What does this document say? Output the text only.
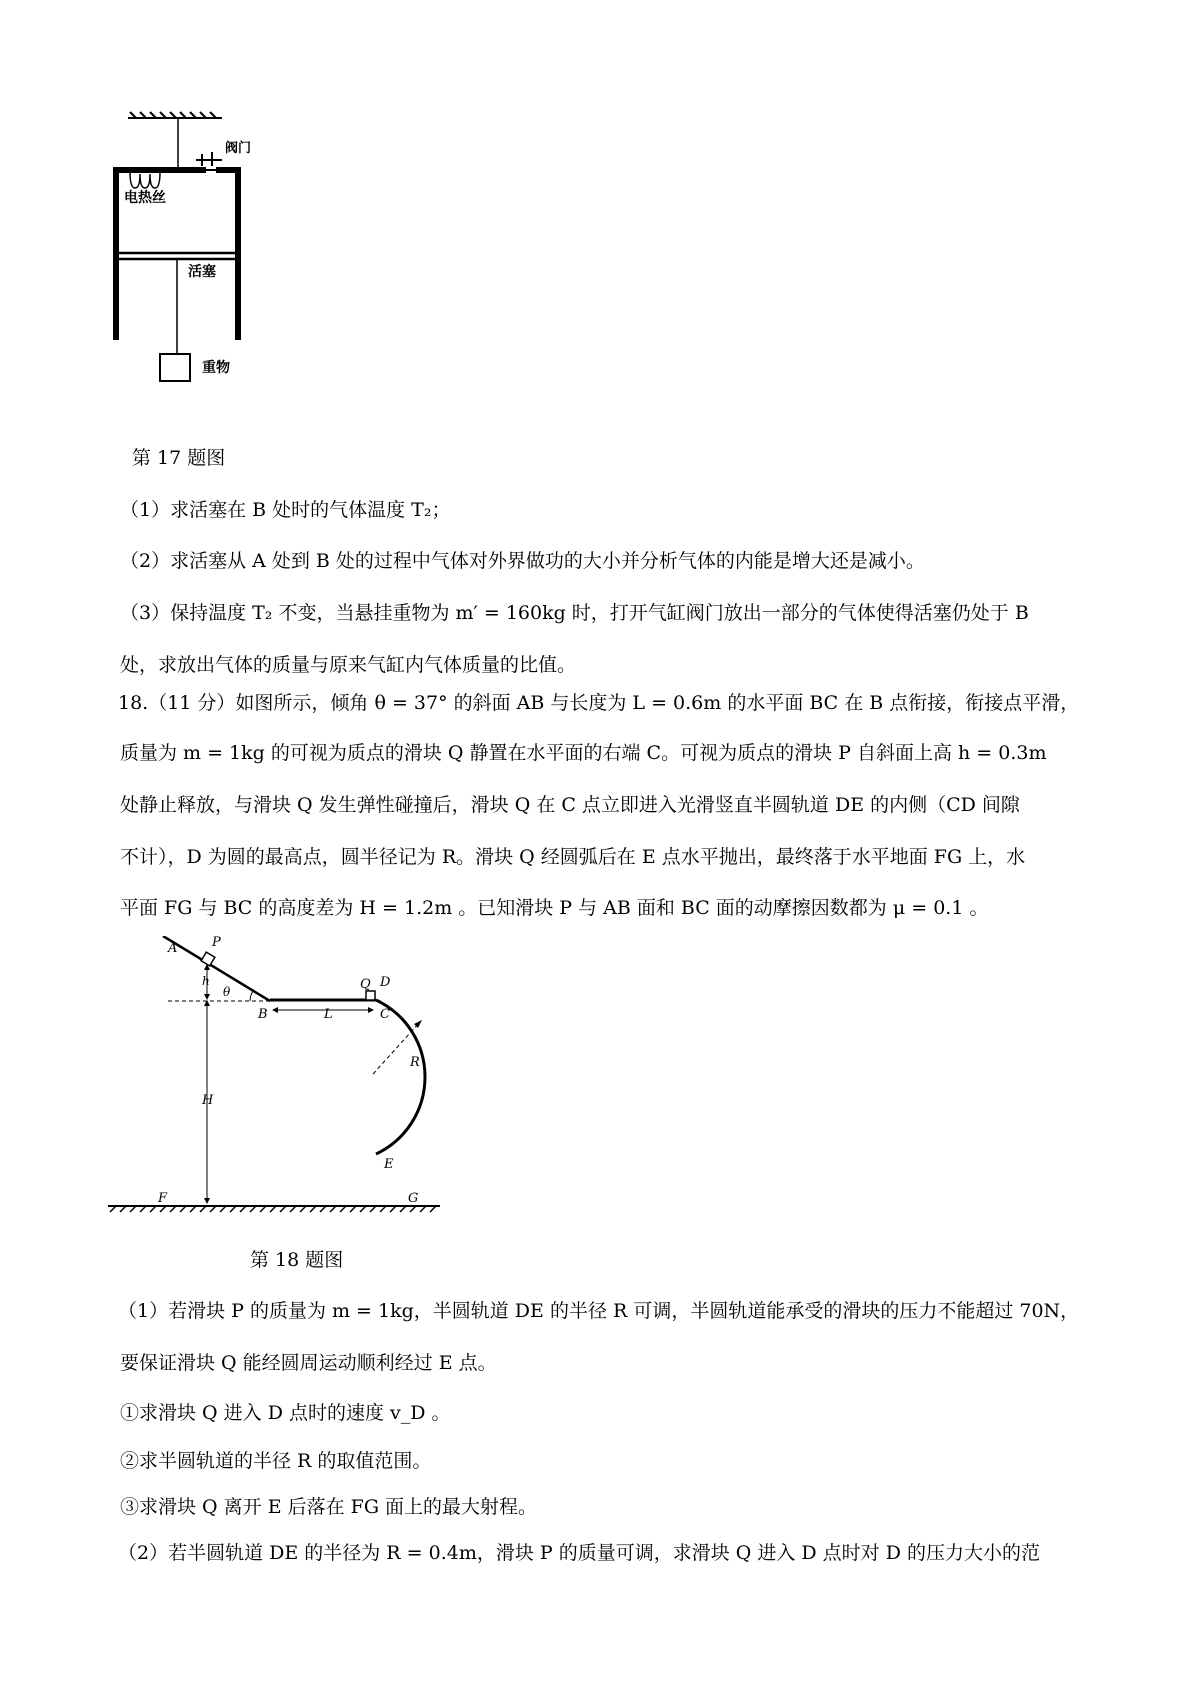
阀门
电热丝
活塞
重物
第 17 题图
（1）求活塞在 B 处时的气体温度 T₂；
（2）求活塞从 A 处到 B 处的过程中气体对外界做功的大小并分析气体的内能是增大还是减小。
（3）保持温度 T₂ 不变，当悬挂重物为 m′ = 160kg 时，打开气缸阀门放出一部分的气体使得活塞仍处于 B
处，求放出气体的质量与原来气缸内气体质量的比值。
18.（11 分）如图所示，倾角 θ = 37° 的斜面 AB 与长度为 L = 0.6m 的水平面 BC 在 B 点衔接，衔接点平滑，
质量为 m = 1kg 的可视为质点的滑块 Q 静置在水平面的右端 C。可视为质点的滑块 P 自斜面上高 h = 0.3m
处静止释放，与滑块 Q 发生弹性碰撞后，滑块 Q 在 C 点立即进入光滑竖直半圆轨道 DE 的内侧（CD 间隙
不计），D 为圆的最高点，圆半径记为 R。滑块 Q 经圆弧后在 E 点水平抛出，最终落于水平地面 FG 上，水
平面 FG 与 BC 的高度差为 H = 1.2m 。已知滑块 P 与 AB 面和 BC 面的动摩擦因数都为 μ = 0.1 。
A	P
h
θ
B	L
Q D
C
R
E
H
F	G
第 18 题图
（1）若滑块 P 的质量为 m = 1kg，半圆轨道 DE 的半径 R 可调，半圆轨道能承受的滑块的压力不能超过 70N，
要保证滑块 Q 能经圆周运动顺利经过 E 点。
①求滑块 Q 进入 D 点时的速度 v_D 。
②求半圆轨道的半径 R 的取值范围。
③求滑块 Q 离开 E 后落在 FG 面上的最大射程。
（2）若半圆轨道 DE 的半径为 R = 0.4m，滑块 P 的质量可调，求滑块 Q 进入 D 点时对 D 的压力大小的范
